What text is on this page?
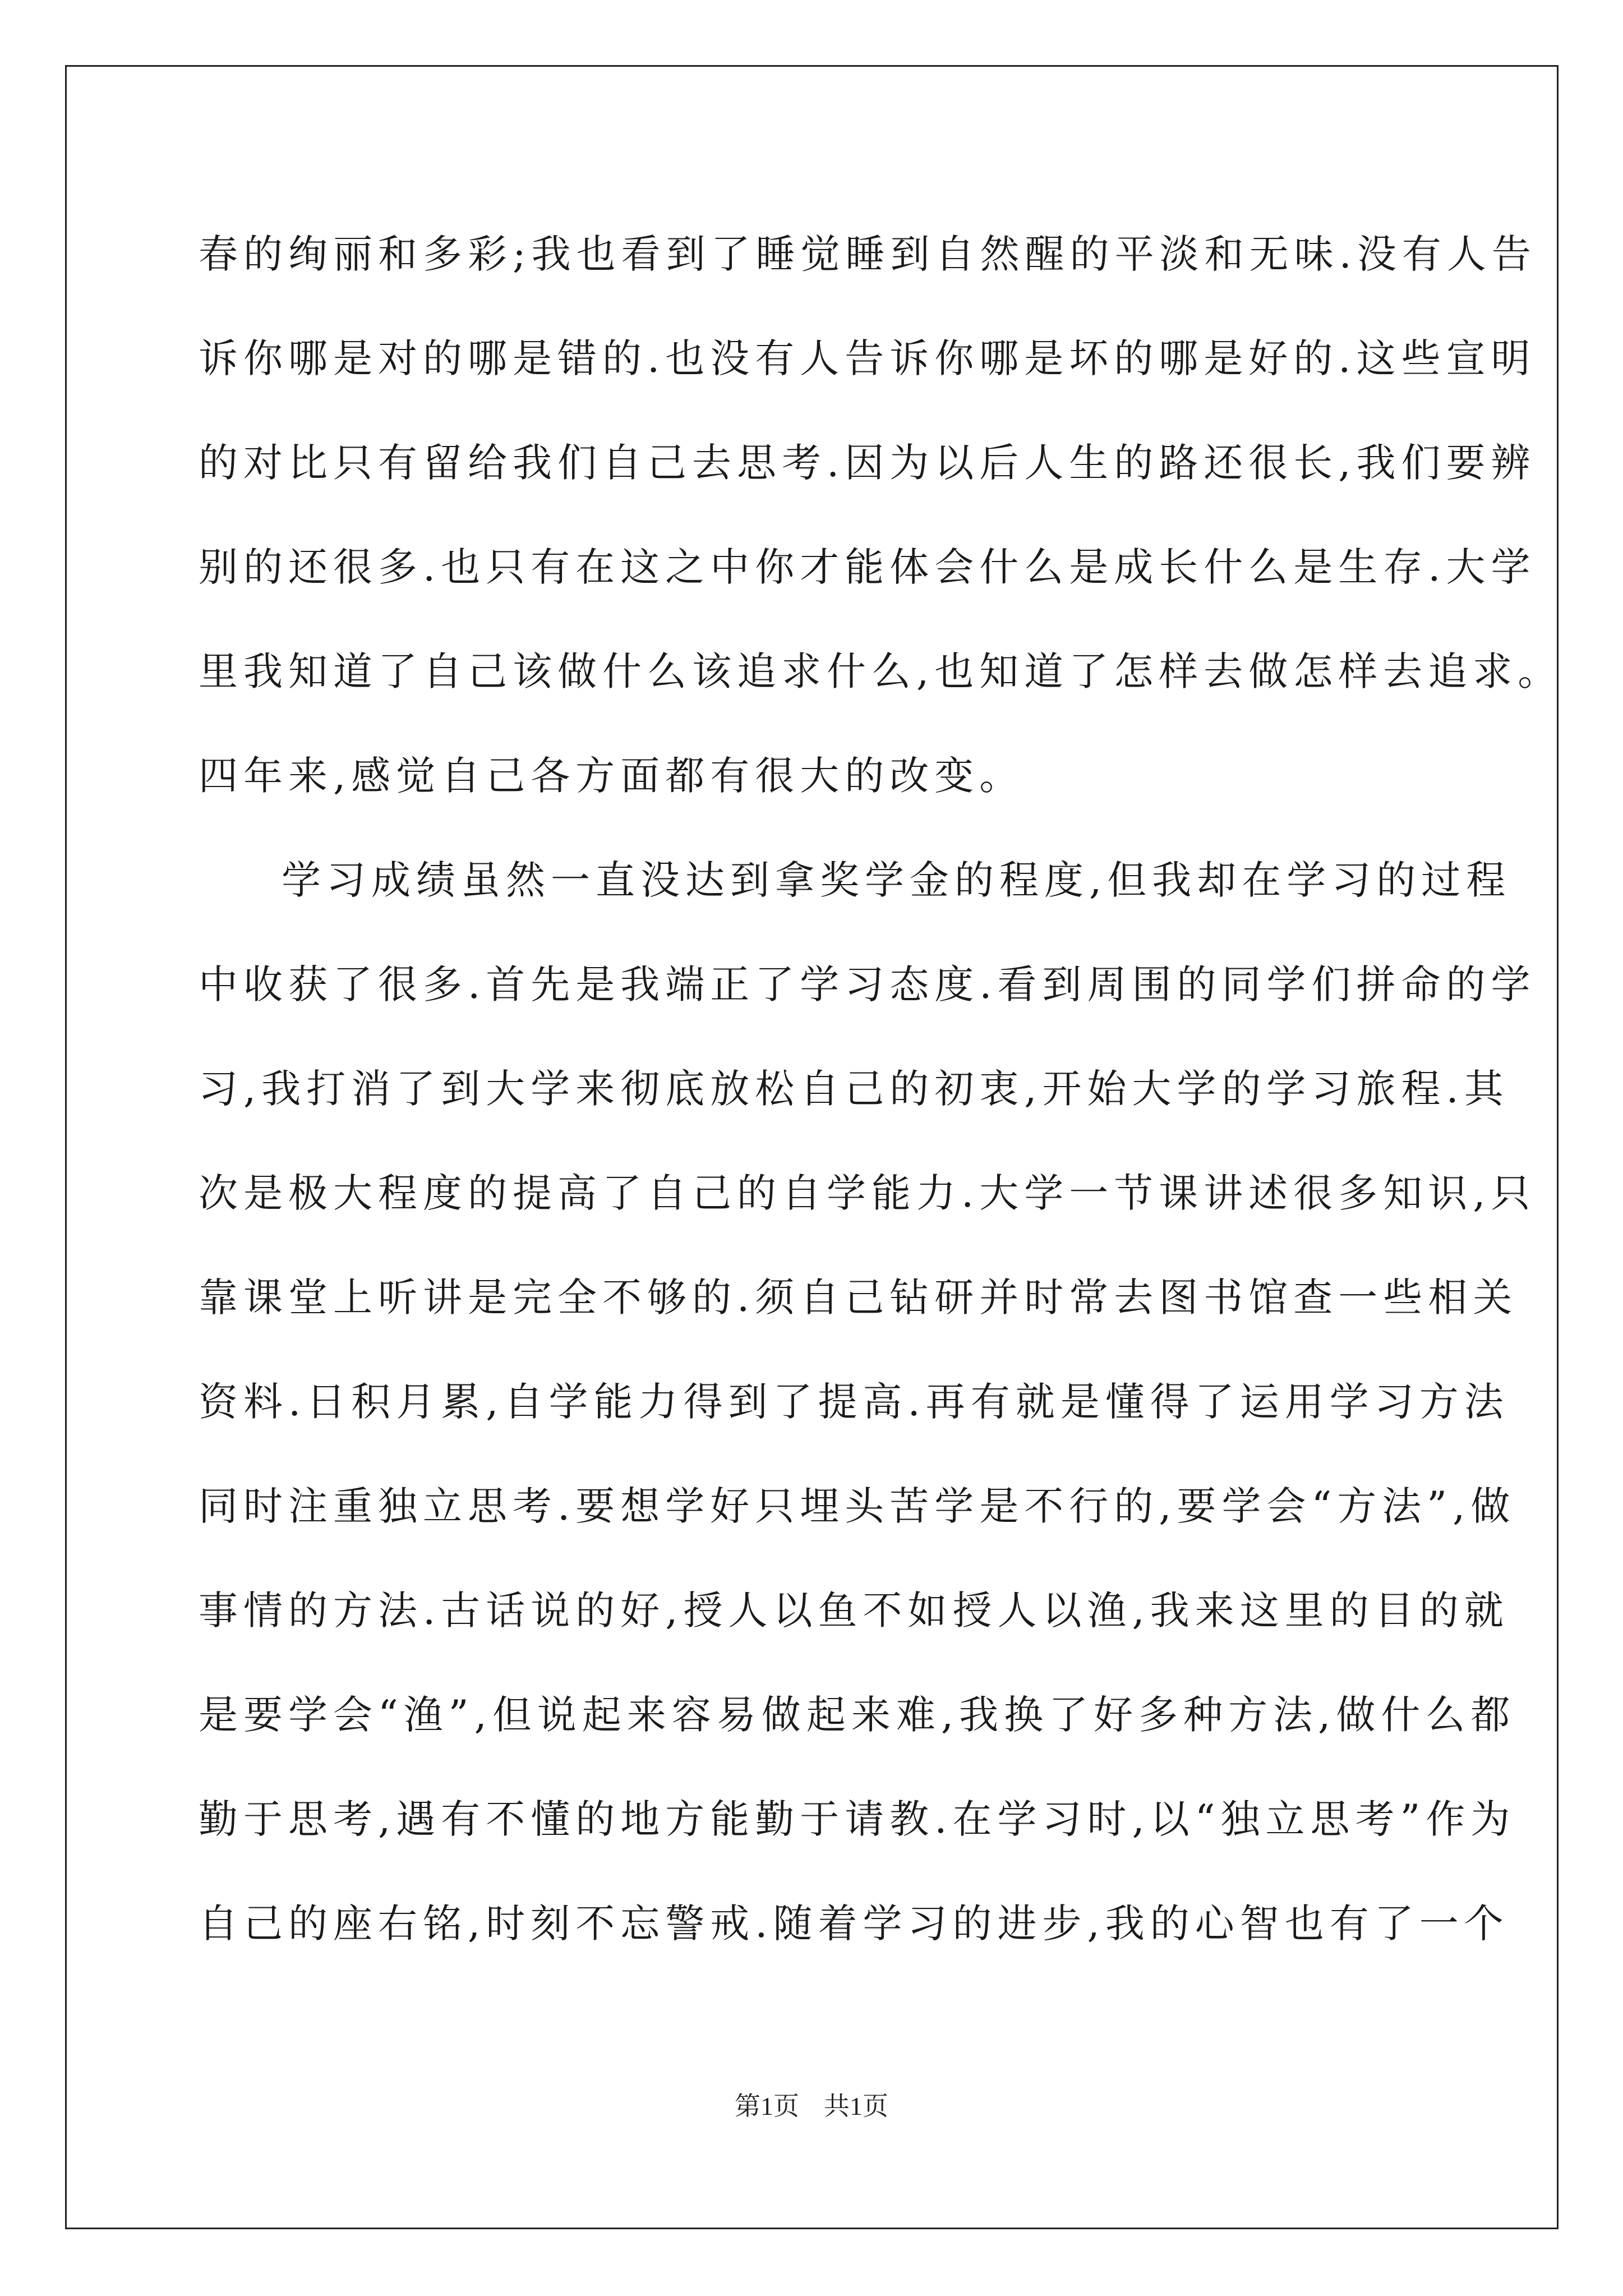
春的绚丽和多彩;我也看到了睡觉睡到自然醒的平淡和无味.没有人告
诉你哪是对的哪是错的.也没有人告诉你哪是坏的哪是好的.这些宣明
的对比只有留给我们自己去思考.因为以后人生的路还很长,我们要辨
别的还很多.也只有在这之中你才能体会什么是成长什么是生存.大学
里我知道了自己该做什么该追求什么,也知道了怎样去做怎样去追求。
四年来,感觉自己各方面都有很大的改变。
学习成绩虽然一直没达到拿奖学金的程度,但我却在学习的过程
中收获了很多.首先是我端正了学习态度.看到周围的同学们拼命的学
习,我打消了到大学来彻底放松自己的初衷,开始大学的学习旅程.其
次是极大程度的提高了自己的自学能力.大学一节课讲述很多知识,只
靠课堂上听讲是完全不够的.须自己钻研并时常去图书馆查一些相关
资料.日积月累,自学能力得到了提高.再有就是懂得了运用学习方法
同时注重独立思考.要想学好只埋头苦学是不行的,要学会“方法”,做
事情的方法.古话说的好,授人以鱼不如授人以渔,我来这里的目的就
是要学会“渔”,但说起来容易做起来难,我换了好多种方法,做什么都
勤于思考,遇有不懂的地方能勤于请教.在学习时,以“独立思考”作为
自己的座右铭,时刻不忘警戒.随着学习的进步,我的心智也有了一个
第1页 共1页
